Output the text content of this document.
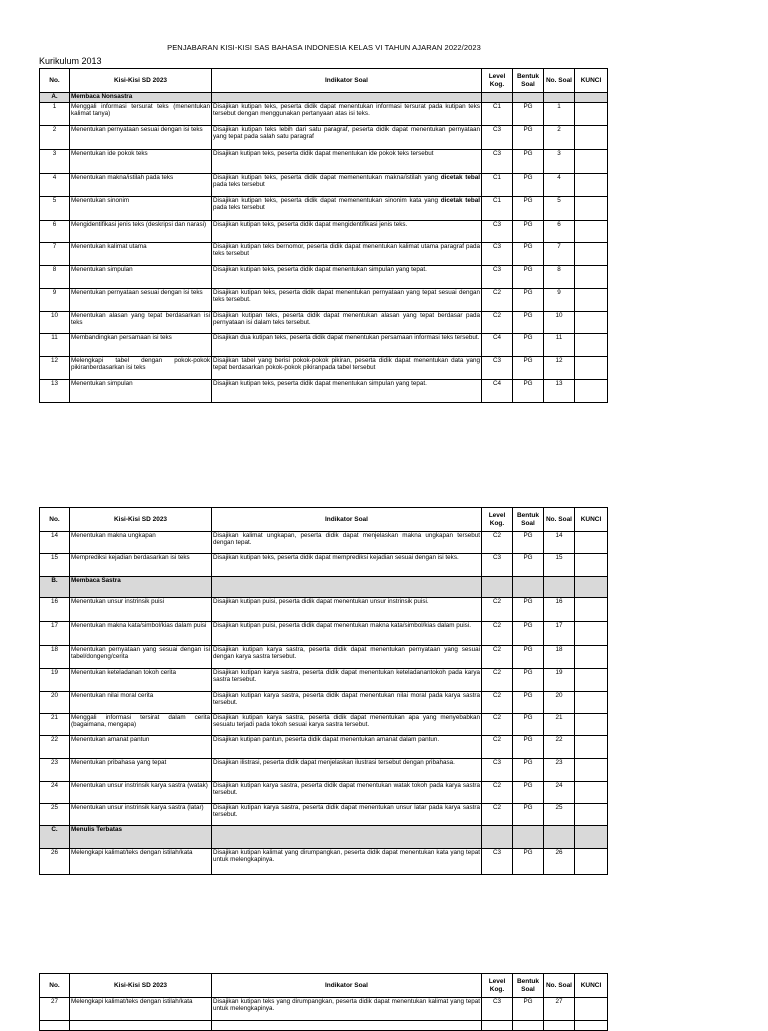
PENJABARAN KISI-KISI SAS BAHASA INDONESIA KELAS VI TAHUN AJARAN 2022/2023
Kurikulum 2013
No.	Kisi-Kisi SD 2023	Indikator Soal	Level Kog.	Bentuk Soal	No. Soal	KUNCI
A.	Membaca Nonsastra					
1	Menggali informasi tersurat teks (menentukan kalimat tanya)	Disajikan kutipan teks, peserta didik dapat menentukan informasi tersurat pada kutipan teks tersebut dengan menggunakan pertanyaan atas isi teks.	C1	PG	1	
2	Menentukan pernyataan sesuai dengan isi teks	Disajikan kutipan teks lebih dari satu paragraf, peserta didik dapat menentukan pernyataan yang tepat pada salah satu paragraf	C3	PG	2	
3	Menentukan ide pokok teks	Disajikan kutipan teks, peserta didik dapat menentukan ide pokok teks tersebut	C3	PG	3	
4	Menentukan makna/istilah pada teks	Disajikan kutipan teks, peserta didik dapat memenentukan makna/istilah yang dicetak tebal pada teks tersebut	C1	PG	4	
5	Menentukan sinonim	Disajikan kutipan teks, peserta didik dapat memenentukan sinonim kata yang dicetak tebal pada teks tersebut	C1	PG	5	
6	Mengidentifikasi jenis teks (deskripsi dan narasi)	Disajikan kutipan teks, peserta didik dapat mengidentifikasi jenis teks.	C3	PG	6	
7	Menentukan kalimat utama	Disajikan kutipan teks bernomor, peserta didik dapat menentukan kalimat utama paragraf pada teks tersebut	C3	PG	7	
8	Menentukan simpulan	Disajikan kutipan teks, peserta didik dapat menentukan simpulan yang tepat.	C3	PG	8	
9	Menentukan pernyataan sesuai dengan isi teks	Disajikan kutipan teks, peserta didik dapat menentukan pernyataan yang tepat sesuai dengan teks tersebut.	C2	PG	9	
10	Menentukan alasan yang tepat berdasarkan isi teks	Disajikan kutipan teks, peserta didik dapat menentukan alasan yang tepat berdasar pada pernyataan isi dalam teks tersebut.	C2	PG	10	
11	Membandingkan persamaan isi teks	Disajikan dua kutipan teks, peserta didik dapat menentukan persamaan informasi teks tersebut.	C4	PG	11	
12	Melengkapi tabel dengan pokok-pokok pikiranberdasarkan isi teks	Disajikan tabel yang berisi pokok-pokok pikiran, peserta didik dapat menentukan data yang tepat berdasarkan pokok-pokok pikiranpada tabel tersebut	C3	PG	12	
13	Menentukan simpulan	Disajikan kutipan teks, peserta didik dapat menentukan simpulan yang tepat.	C4	PG	13	
No.	Kisi-Kisi SD 2023	Indikator Soal	Level Kog.	Bentuk Soal	No. Soal	KUNCI
14	Menentukan makna ungkapan	Disajikan kalimat ungkapan, peserta didik dapat menjelaskan makna ungkapan tersebut dengan tepat.	C2	PG	14	
15	Memprediksi kejadian berdasarkan isi teks	Disajikan kutipan teks, peserta didik dapat memprediksi kejadian sesuai dengan isi teks.	C3	PG	15	
B.	Membaca Sastra					
16	Menentukan unsur instrinsik puisi	Disajikan kutipan puisi, peserta didik dapat menentukan unsur instrinsik puisi.	C2	PG	16	
17	Menentukan makna kata/simbol/kias dalam puisi	Disajikan kutipan puisi, peserta didik dapat menentukan makna kata/simbol/kias dalam puisi.	C2	PG	17	
18	Menentukan pernyataan yang sesuai dengan isi tabel/dongeng/cerita	Disajikan kutipan karya sastra, peserta didik dapat menentukan pernyataan yang sesuai dengan karya sastra tersebut.	C2	PG	18	
19	Menentukan keteladanan tokoh cerita	Disajikan kutipan karya sastra, peserta didik dapat menentukan keteladanantokoh pada karya sastra tersebut.	C2	PG	19	
20	Menentukan nilai moral cerita	Disajikan kutipan karya sastra, peserta didik dapat menentukan nilai moral pada karya sastra tersebut.	C2	PG	20	
21	Menggali informasi tersirat dalam cerita (bagaimana, mengapa)	Disajikan kutipan karya sastra, peserta didik dapat menentukan apa yang menyebabkan sesuatu terjadi pada tokoh sesuai karya sastra tersebut.	C2	PG	21	
22	Menentukan amanat pantun	Disajikan kutipan pantun, peserta didik dapat menentukan amanat dalam pantun.	C2	PG	22	
23	Menentukan pribahasa yang tepat	Disajikan ilistrasi, peserta didik dapat menjelaskan ilustrasi tersebut dengan pribahasa.	C3	PG	23	
24	Menentukan unsur instrinsik karya sastra (watak)	Disajikan kutipan karya sastra, peserta didik dapat menentukan watak tokoh pada karya sastra tersebut.	C2	PG	24	
25	Menentukan unsur instrinsik karya sastra (latar)	Disajikan kutipan karya sastra, peserta didik dapat menentukan unsur latar pada karya sastra tersebut.	C2	PG	25	
C.	Menulis Terbatas					
26	Melengkapi kalimat/teks dengan istilah/kata	Disajikan kutipan kalimat yang dirumpangkan, peserta didik dapat menentukan kata yang tepat untuk melengkapinya.	C3	PG	26	
No.	Kisi-Kisi SD 2023	Indikator Soal	Level Kog.	Bentuk Soal	No. Soal	KUNCI
27	Melengkapi kalimat/teks dengan istilah/kata	Disajikan kutipan teks yang dirumpangkan, peserta didik dapat menentukan kalimat yang tepat untuk melengkapinya.	C3	PG	27	
